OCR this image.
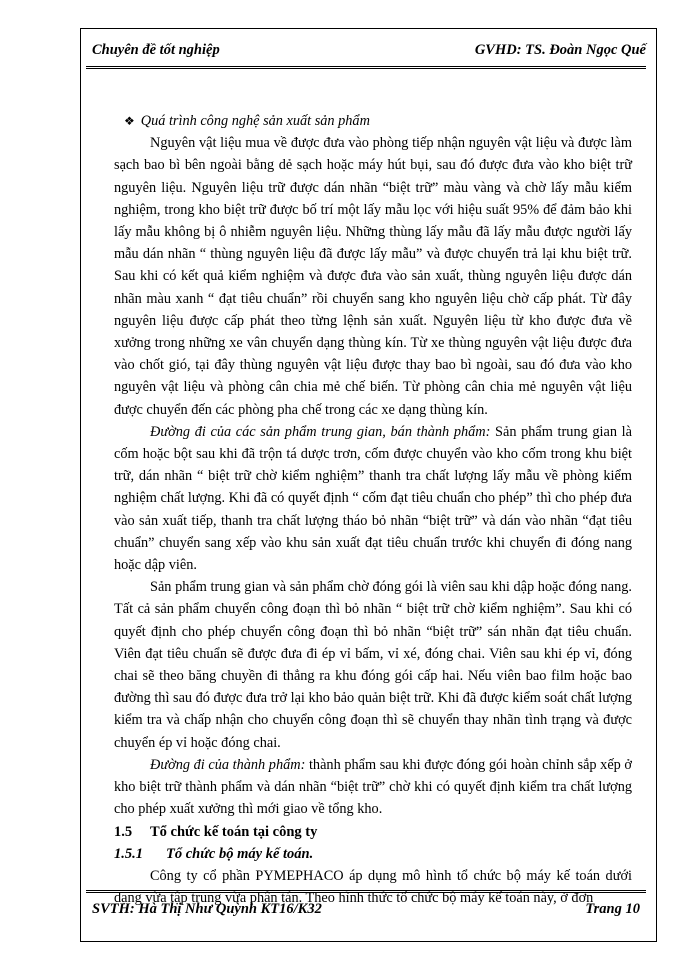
Chuyên đề tốt nghiệp	GVHD: TS. Đoàn Ngọc Quế

❖ Quá trình công nghệ sản xuất sản phẩm

Nguyên vật liệu mua về được đưa vào phòng tiếp nhận nguyên vật liệu và được làm sạch bao bì bên ngoài bằng dẻ sạch hoặc máy hút bụi, sau đó được đưa vào kho biệt trữ nguyên liệu. Nguyên liệu trữ được dán nhãn “biệt trữ” màu vàng và chờ lấy mẫu kiểm nghiệm, trong kho biệt trữ được bố trí một lấy mẫu lọc với hiệu suất 95% để đảm bảo khi lấy mẫu không bị ô nhiễm nguyên liệu. Những thùng lấy mẫu đã lấy mẫu được người lấy mẫu dán nhãn “ thùng nguyên liệu đã được lấy mẫu” và được chuyển trả lại khu biệt trữ. Sau khi có kết quả kiểm nghiệm và được đưa vào sản xuất, thùng nguyên liệu được dán nhãn màu xanh “ đạt tiêu chuẩn” rồi chuyển sang kho nguyên liệu chờ cấp phát. Từ đây nguyên liệu được cấp phát theo từng lệnh sản xuất. Nguyên liệu từ kho được đưa về xưởng trong những xe vân chuyển dạng thùng kín. Từ xe thùng nguyên vật liệu được đưa vào chốt gió, tại đây thùng nguyên vật liệu được thay bao bì ngoài, sau đó đưa vào kho nguyên vật liệu và phòng cân chia mẻ chế biến. Từ phòng cân chia mẻ nguyên vật liệu được chuyển đến các phòng pha chế trong các xe dạng thùng kín.

Đường đi của các sản phẩm trung gian, bán thành phẩm: Sản phẩm trung gian là cốm hoặc bột sau khi đã trộn tá dược trơn, cốm được chuyển vào kho cốm trong khu biệt trữ, dán nhãn “ biệt trữ chờ kiểm nghiệm” thanh tra chất lượng lấy mẫu về phòng kiểm nghiệm chất lượng. Khi đã có quyết định “ cốm đạt tiêu chuẩn cho phép” thì cho phép đưa vào sản xuất tiếp, thanh tra chất lượng tháo bỏ nhãn “biệt trữ” và dán vào nhãn “đạt tiêu chuẩn” chuyển sang xếp vào khu sản xuất đạt tiêu chuẩn trước khi chuyển đi đóng nang hoặc dập viên.

Sản phẩm trung gian và sản phẩm chờ đóng gói là viên sau khi dập hoặc đóng nang. Tất cả sản phẩm chuyển công đoạn thì bỏ nhãn “ biệt trữ chờ kiểm nghiệm”. Sau khi có quyết định cho phép chuyển công đoạn thì bỏ nhãn “biệt trữ” sán nhãn đạt tiêu chuẩn. Viên đạt tiêu chuẩn sẽ được đưa đi ép vỉ bấm, vỉ xé, đóng chai. Viên sau khi ép vỉ, đóng chai sẽ theo băng chuyền đi thẳng ra khu đóng gói cấp hai. Nếu viên bao film hoặc bao đường thì sau đó được đưa trở lại kho bảo quản biệt trữ. Khi đã được kiểm soát chất lượng kiểm tra và chấp nhận cho chuyển công đoạn thì sẽ chuyển thay nhãn tình trạng và được chuyển ép vỉ hoặc đóng chai.

Đường đi của thành phẩm: thành phẩm sau khi được đóng gói hoàn chỉnh sắp xếp ở kho biệt trữ thành phẩm và dán nhãn “biệt trữ” chờ khi có quyết định kiểm tra chất lượng cho phép xuất xưởng thì mới giao về tổng kho.

1.5 Tổ chức kế toán tại công ty

1.5.1 Tổ chức bộ máy kế toán.

Công ty cổ phần PYMEPHACO áp dụng mô hình tổ chức bộ máy kế toán dưới dạng vừa tập trung vừa phân tán. Theo hình thức tổ chức bộ máy kế toán này, ở đơn

SVTH: Hà Thị Như Quỳnh KT16/K32	Trang 10
